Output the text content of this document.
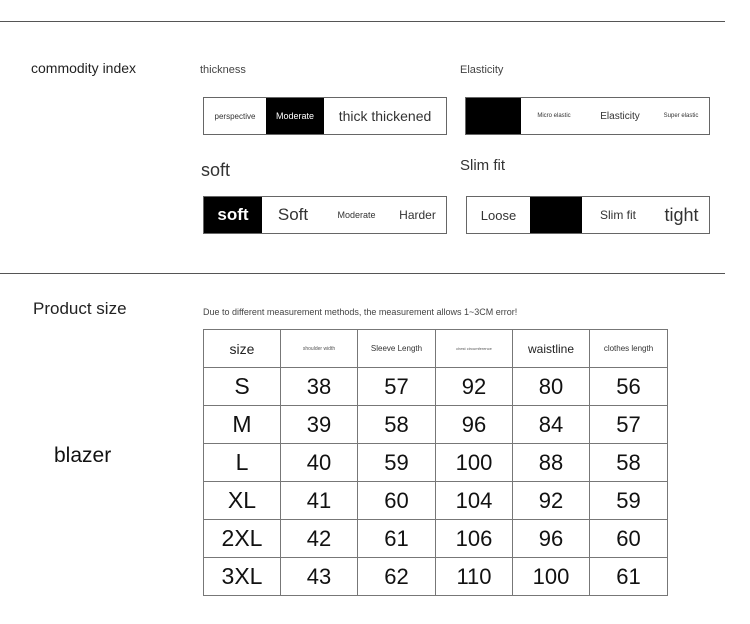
commodity index	thickness
perspective	Moderate	thick thickened
Elasticity
Micro elastic	Elasticity	Super elastic
soft
soft	Soft	Moderate	Harder
Slim fit
Loose	Slim fit	tight
Product size
blazer
Due to different measurement methods, the measurement allows 1~3CM error!
size	shoulder width	Sleeve Length	chest circumference	waistline	clothes length
S	38	57	92	80	56
M	39	58	96	84	57
L	40	59	100	88	58
XL	41	60	104	92	59
2XL	42	61	106	96	60
3XL	43	62	110	100	61
